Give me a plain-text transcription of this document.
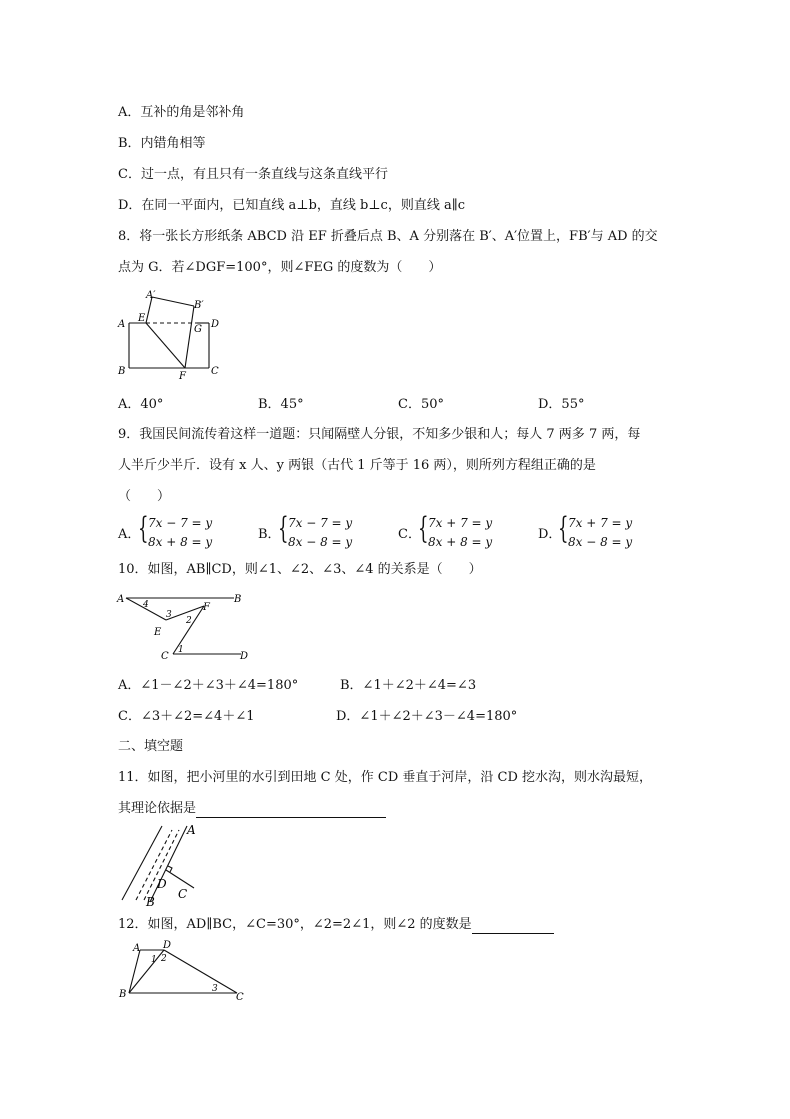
A．互补的角是邻补角
B．内错角相等
C．过一点，有且只有一条直线与这条直线平行
D．在同一平面内，已知直线 a⊥b，直线 b⊥c，则直线 a∥c
8．将一张长方形纸条 ABCD 沿 EF 折叠后点 B、A 分别落在 B′、A′位置上，FB′与 AD 的交
点为 G．若∠DGF=100°，则∠FEG 的度数为（　　）
A′
B′
A
E
G D
B	F	C
A．40°	B．45°	C．50°	D．55°
9．我国民间流传着这样一道题：只闻隔壁人分银，不知多少银和人；每人 7 两多 7 两，每
人半斤少半斤．设有 x 人、y 两银（古代 1 斤等于 16 两），则所列方程组正确的是
（　　）
A．
{ 7x − 7 = y
8x + 8 = y	B．
{ 7x − 7 = y
8x − 8 = y	C．
{ 7x + 7 = y
8x + 8 = y	D．
{ 7x + 7 = y
8x − 8 = y
10．如图，AB∥CD，则∠1、∠2、∠3、∠4 的关系是（　　）
A	B
4
3
F
2
E
C
1
D
A．∠1－∠2＋∠3＋∠4=180°	B．∠1＋∠2＋∠4=∠3
C．∠3＋∠2=∠4＋∠1	D．∠1＋∠2＋∠3－∠4=180°
二、填空题
11．如图，把小河里的水引到田地 C 处，作 CD 垂直于河岸，沿 CD 挖水沟，则水沟最短，
其理论依据是
A
D
C
B
12．如图，AD∥BC，∠C=30°，∠2=2∠1，则∠2 的度数是
A D
1 2
B	3
C
